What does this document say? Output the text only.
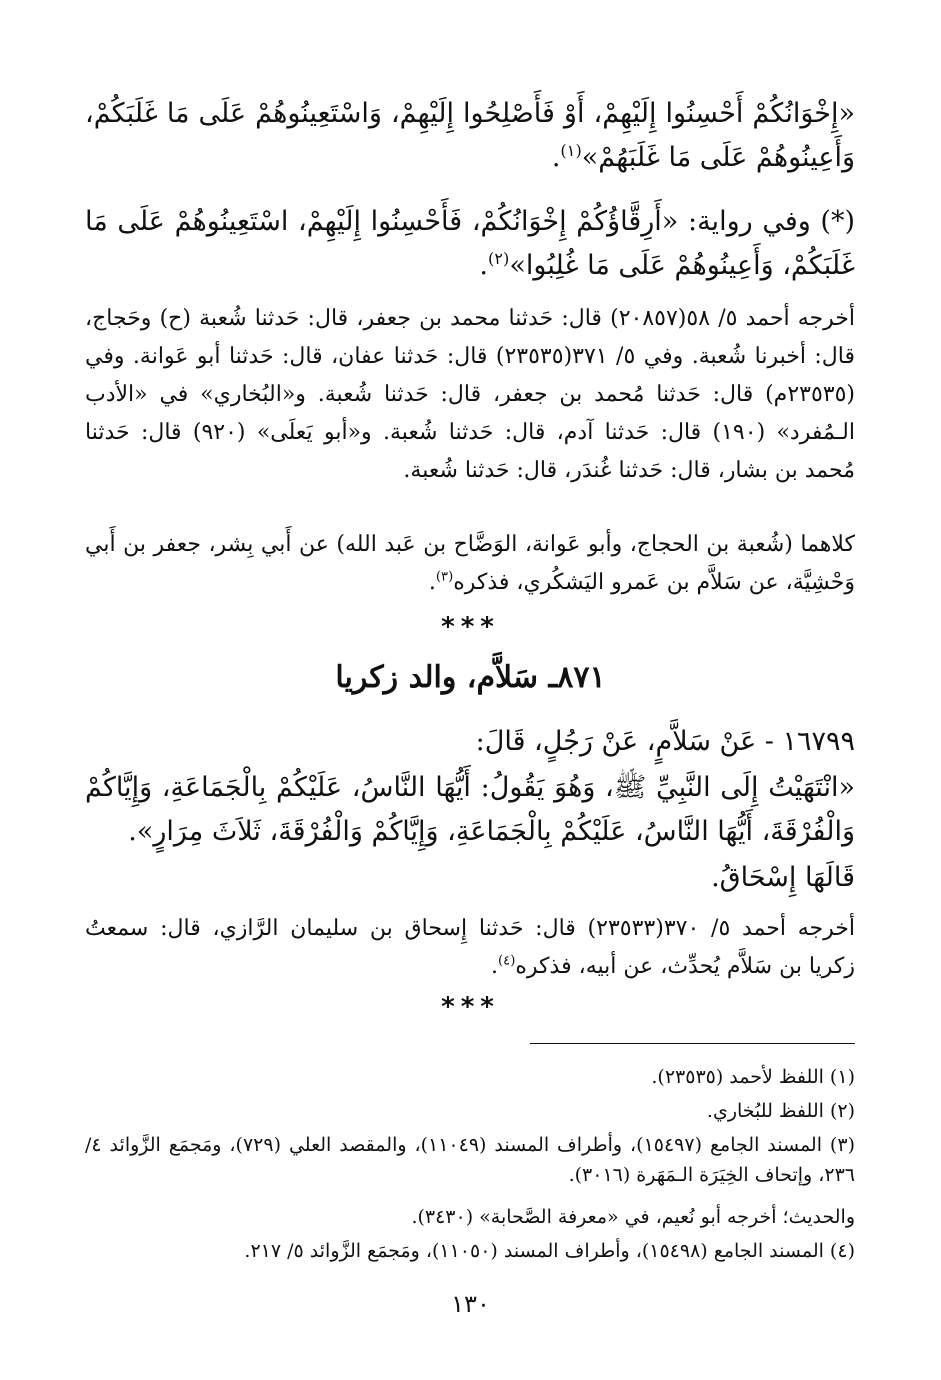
«إِخْوَانُكُمْ أَحْسِنُوا إِلَيْهِمْ، أَوْ فَأَصْلِحُوا إِلَيْهِمْ، وَاسْتَعِينُوهُمْ عَلَى مَا غَلَبَكُمْ، وَأَعِينُوهُمْ عَلَى مَا غَلَبَهُمْ»$^{(١)}$.

(*) وفي رواية: «أَرِقَّاؤُكُمْ إِخْوَانُكُمْ، فَأَحْسِنُوا إِلَيْهِمْ، اسْتَعِينُوهُمْ عَلَى مَا غَلَبَكُمْ، وَأَعِينُوهُمْ عَلَى مَا غُلِبُوا»$^{(٢)}$.

أخرجه أحمد ٥/ ٥٨(٢٠٨٥٧) قال: حَدثنا محمد بن جعفر، قال: حَدثنا شُعبة (ح) وحَجاج، قال: أخبرنا شُعبة. وفي ٥/ ٣٧١(٢٣٥٣٥) قال: حَدثنا عفان، قال: حَدثنا أبو عَوانة. وفي (٢٣٥٣٥م) قال: حَدثنا مُحمد بن جعفر، قال: حَدثنا شُعبة. و«البُخاري» في «الأدب الـمُفرد» (١٩٠) قال: حَدثنا آدم، قال: حَدثنا شُعبة. و«أبو يَعلَى» (٩٢٠) قال: حَدثنا مُحمد بن بشار، قال: حَدثنا غُندَر، قال: حَدثنا شُعبة.

كلاهما (شُعبة بن الحجاج، وأبو عَوانة، الوَضَّاح بن عَبد الله) عن أَبي بِشر، جعفر بن أَبي وَحْشِيَّة، عن سَلاَّم بن عَمرو اليَشكُري، فذكره$^{(٣)}$.

***
٨٧١ـ سَلاَّم، والد زكريا

١٦٧٩٩ - عَنْ سَلاَّمٍ، عَنْ رَجُلٍ، قَالَ:

«انْتَهَيْتُ إِلَى النَّبِيِّ ﷺ، وَهُوَ يَقُولُ: أَيُّهَا النَّاسُ، عَلَيْكُمْ بِالْجَمَاعَةِ، وَإِيَّاكُمْ وَالْفُرْقَةَ، أَيُّهَا النَّاسُ، عَلَيْكُمْ بِالْجَمَاعَةِ، وَإِيَّاكُمْ وَالْفُرْقَةَ، ثَلاَثَ مِرَارٍ».

قَالَهَا إِسْحَاقُ.

أخرجه أحمد ٥/ ٣٧٠(٢٣٥٣٣) قال: حَدثنا إِسحاق بن سليمان الرَّازي، قال: سمعتُ زكريا بن سَلاَّم يُحدِّث، عن أبيه، فذكره$^{(٤)}$.

***
(١) اللفظ لأحمد (٢٣٥٣٥).
(٢) اللفظ للبُخاري.
(٣) المسند الجامع (١٥٤٩٧)، وأطراف المسند (١١٠٤٩)، والمقصد العلي (٧٢٩)، ومَجمَع الزَّوائد ٤/ ٢٣٦، وإتحاف الخِيَرَة الـمَهَرة (٣٠١٦).
والحديث؛ أخرجه أبو نُعيم، في «معرفة الصَّحابة» (٣٤٣٠).
(٤) المسند الجامع (١٥٤٩٨)، وأطراف المسند (١١٠٥٠)، ومَجمَع الزَّوائد ٥/ ٢١٧.
١٣٠
